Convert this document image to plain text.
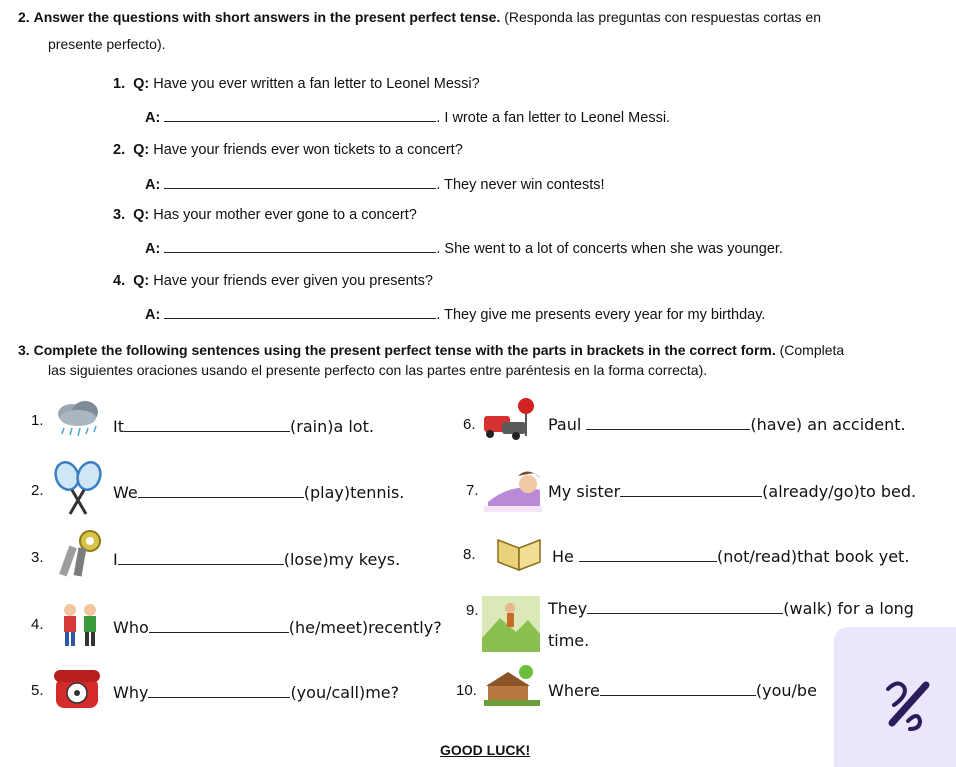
2. Answer the questions with short answers in the present perfect tense. (Responda las preguntas con respuestas cortas en
presente perfecto).
1. Q: Have you ever written a fan letter to Leonel Messi?
A:	. I wrote a fan letter to Leonel Messi.
2. Q: Have your friends ever won tickets to a concert?
A:	. They never win contests!
3. Q: Has your mother ever gone to a concert?
A:	. She went to a lot of concerts when she was younger.
4. Q: Have your friends ever given you presents?
A:	. They give me presents every year for my birthday.
3. Complete the following sentences using the present perfect tense with the parts in brackets in the correct form. (Completa
las siguientes oraciones usando el presente perfecto con las partes entre paréntesis en la forma correcta).
1.	It	(rain)a lot.
2.	We	(play)tennis.
3.	I	(lose)my keys.
4.	Who	(he/meet)recently?
5.	Why	(you/call)me?
6.	Paul	(have) an accident.
7.	My sister	(already/go)to bed.
8.	He	(not/read)that book yet.
9.	They	(walk) for a long
time.
10.	Where	(you/be
GOOD LUCK!
